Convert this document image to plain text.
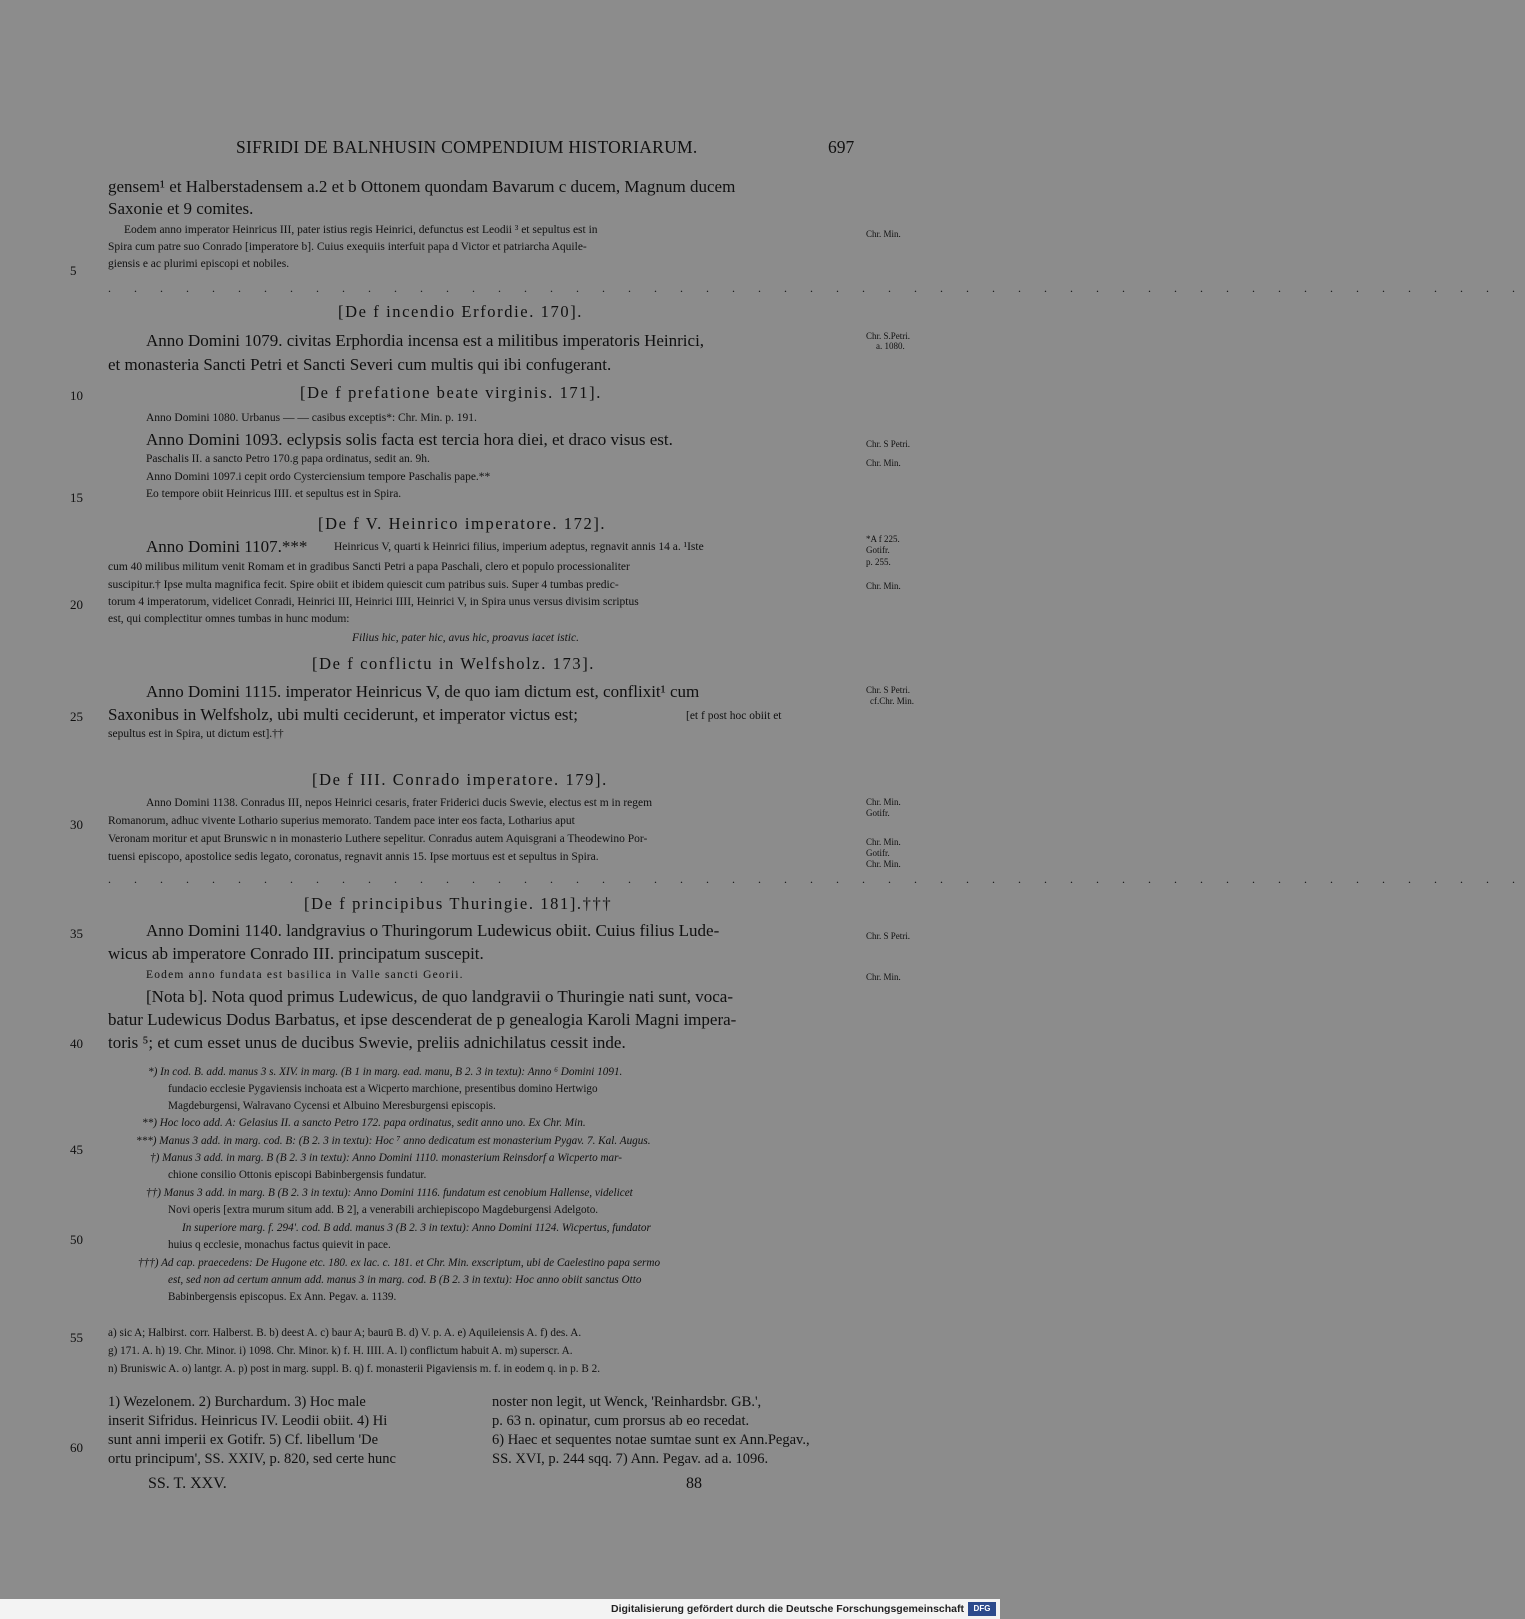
SIFRIDI DE BALNHUSIN COMPENDIUM HISTORIARUM.	697
gensem¹ et Halberstadensem a.2 et b Ottonem quondam Bavarum c ducem, Magnum ducem
Saxonie et 9 comites.
Eodem anno imperator Heinricus III, pater istius regis Heinrici, defunctus est Leodii ³ et sepultus est in
Spira cum patre suo Conrado [imperatore b]. Cuius exequiis interfuit papa d Victor et patriarcha Aquile-
giensis e ac plurimi episcopi et nobiles.
. . . . . . . . . . . . . . . . . . . . . . . . . . . . . . . . . . . . . . . . . . . . . . . . . . . . . . .
[De f incendio Erfordie. 170].
Anno Domini 1079. civitas Erphordia incensa est a militibus imperatoris Heinrici,
et monasteria Sancti Petri et Sancti Severi cum multis qui ibi confugerant.
[De f prefatione beate virginis. 171].
Anno Domini 1080. Urbanus — — casibus exceptis*: Chr. Min. p. 191.
Anno Domini 1093. eclypsis solis facta est tercia hora diei, et draco visus est.
Paschalis II. a sancto Petro 170.g papa ordinatus, sedit an. 9h.
Anno Domini 1097.i cepit ordo Cysterciensium tempore Paschalis pape.**
Eo tempore obiit Heinricus IIII. et sepultus est in Spira.
[De f V. Heinrico imperatore. 172].
Anno Domini 1107.*** Heinricus V, quarti k Heinrici filius, imperium adeptus, regnavit annis 14 a. ¹Iste
cum 40 milibus militum venit Romam et in gradibus Sancti Petri a papa Paschali, clero et populo processionaliter
suscipitur.† Ipse multa magnifica fecit. Spire obiit et ibidem quiescit cum patribus suis. Super 4 tumbas predic-
torum 4 imperatorum, videlicet Conradi, Heinrici III, Heinrici IIII, Heinrici V, in Spira unus versus divisim scriptus
est, qui complectitur omnes tumbas in hunc modum:
Filius hic, pater hic, avus hic, proavus iacet istic.
[De f conflictu in Welfsholz. 173].
Anno Domini 1115. imperator Heinricus V, de quo iam dictum est, conflixit¹ cum
Saxonibus in Welfsholz, ubi multi ceciderunt, et imperator victus est;	[et f post hoc obiit et
sepultus est in Spira, ut dictum est].††
[De f III. Conrado imperatore. 179].
Anno Domini 1138. Conradus III, nepos Heinrici cesaris, frater Friderici ducis Swevie, electus est m in regem
Romanorum, adhuc vivente Lothario superius memorato. Tandem pace inter eos facta, Lotharius aput
Veronam moritur et aput Brunswic n in monasterio Luthere sepelitur. Conradus autem Aquisgrani a Theodewino Por-
tuensi episcopo, apostolice sedis legato, coronatus, regnavit annis 15. Ipse mortuus est et sepultus in Spira.
. . . . . . . . . . . . . . . . . . . . . . . . . . . . . . . . . . . . . . . . . . . . . . . . . . . . . . .
[De f principibus Thuringie. 181].†††
Anno Domini 1140. landgravius o Thuringorum Ludewicus obiit. Cuius filius Lude-
wicus ab imperatore Conrado III. principatum suscepit.
Eodem anno fundata est basilica in Valle sancti Georii.
[Nota b]. Nota quod primus Ludewicus, de quo landgravii o Thuringie nati sunt, voca-
batur Ludewicus Dodus Barbatus, et ipse descenderat de p genealogia Karoli Magni impera-
toris ⁵; et cum esset unus de ducibus Swevie, preliis adnichilatus cessit inde.
*) In cod. B. add. manus 3 s. XIV. in marg. (B 1 in marg. ead. manu, B 2. 3 in textu): Anno ⁶ Domini 1091.
fundacio ecclesie Pygaviensis inchoata est a Wicperto marchione, presentibus domino Hertwigo
Magdeburgensi, Walravano Cycensi et Albuino Meresburgensi episcopis.
**) Hoc loco add. A: Gelasius II. a sancto Petro 172. papa ordinatus, sedit anno uno. Ex Chr. Min.
***) Manus 3 add. in marg. cod. B: (B 2. 3 in textu): Hoc ⁷ anno dedicatum est monasterium Pygav. 7. Kal. Augus.
†) Manus 3 add. in marg. B (B 2. 3 in textu): Anno Domini 1110. monasterium Reinsdorf a Wicperto mar-
chione consilio Ottonis episcopi Babinbergensis fundatur.
††) Manus 3 add. in marg. B (B 2. 3 in textu): Anno Domini 1116. fundatum est cenobium Hallense, videlicet
Novi operis [extra murum situm add. B 2], a venerabili archiepiscopo Magdeburgensi Adelgoto.
In superiore marg. f. 294'. cod. B add. manus 3 (B 2. 3 in textu): Anno Domini 1124. Wicpertus, fundator
huius q ecclesie, monachus factus quievit in pace.
†††) Ad cap. praecedens: De Hugone etc. 180. ex lac. c. 181. et Chr. Min. exscriptum, ubi de Caelestino papa sermo
est, sed non ad certum annum add. manus 3 in marg. cod. B (B 2. 3 in textu): Hoc anno obiit sanctus Otto
Babinbergensis episcopus. Ex Ann. Pegav. a. 1139.
a) sic A; Halbirst. corr. Halberst. B. b) deest A. c) baur A; baurū B. d) V. p. A. e) Aquileiensis A. f) des. A.
g) 171. A. h) 19. Chr. Minor. i) 1098. Chr. Minor. k) f. H. IIII. A. l) conflictum habuit A. m) superscr. A.
n) Bruniswic A. o) lantgr. A. p) post in marg. suppl. B. q) f. monasterii Pigaviensis m. f. in eodem q. in p. B 2.
1) Wezelonem. 2) Burchardum. 3) Hoc male
inserit Sifridus. Heinricus IV. Leodii obiit. 4) Hi
sunt anni imperii ex Gotifr. 5) Cf. libellum 'De
ortu principum', SS. XXIV, p. 820, sed certe hunc
noster non legit, ut Wenck, 'Reinhardsbr. GB.',
p. 63 n. opinatur, cum prorsus ab eo recedat.
6) Haec et sequentes notae sumtae sunt ex Ann.Pegav.,
SS. XVI, p. 244 sqq. 7) Ann. Pegav. ad a. 1096.
SS. T. XXV.	88
5
10
15
20
25
30
35
40
45
50
55
60
Chr. Min.
Chr. S.Petri.
a. 1080.
Chr. S Petri.
Chr. Min.
*A f 225.
Gotifr.
p. 255.
Chr. Min.
Chr. S Petri.
cf.Chr. Min.
Chr. Min.
Gotifr.
Chr. Min.
Gotifr.
Chr. Min.
Chr. S Petri.
Chr. Min.
Digitalisierung gefördert durch die Deutsche Forschungsgemeinschaft	DFG
